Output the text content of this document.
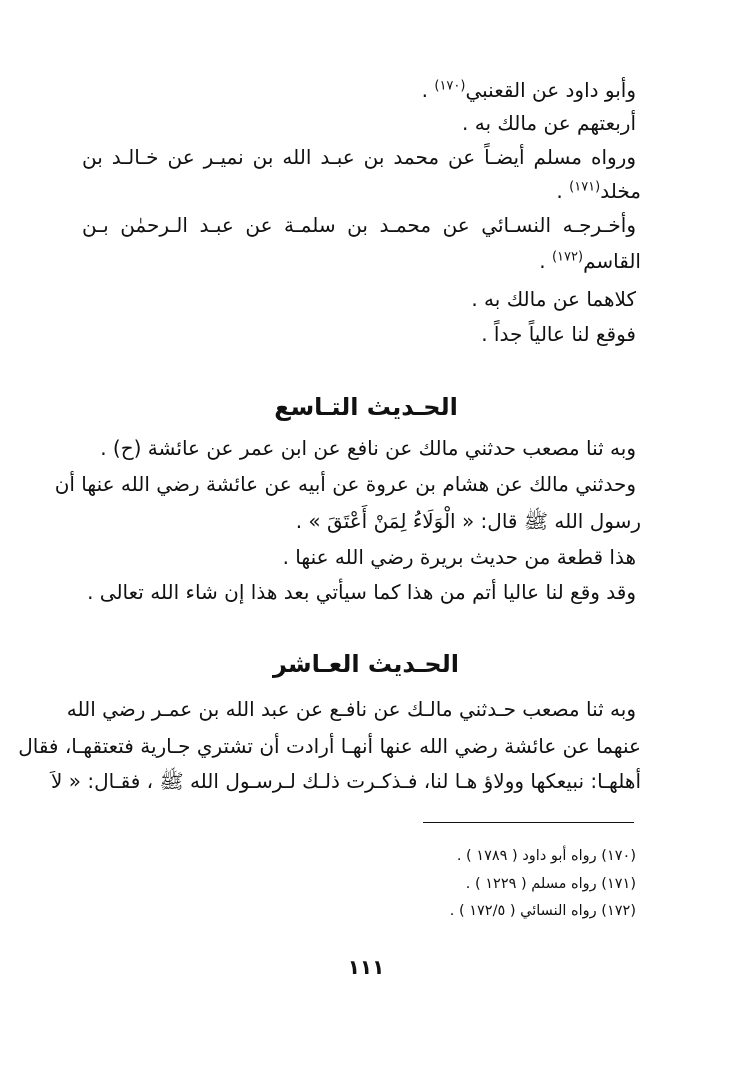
وأبو داود عن القعنبي$^{(١٧٠)}$ .
أربعتهم عن مالك به .
ورواه مسلم أيضـاً عن محمد بن عبـد الله بن نميـر عن خـالـد بن
مخلد$^{(١٧١)}$ .
وأخـرجـه النسـائي عن محمـد بن سلمـة عن عبـد الـرحمٰن بـن
القاسم$^{(١٧٢)}$ .
كلاهما عن مالك به .
فوقع لنا عالياً جداً .
الحـديث التـاسع
وبه ثنا مصعب حدثني مالك عن نافع عن ابن عمر عن عائشة (ح) .
وحدثني مالك عن هشام بن عروة عن أبيه عن عائشة رضي الله عنها أن
رسول الله ﷺ قال: « الْوَلَاءُ لِمَنْ أَعْتَقَ » .
هذا قطعة من حديث بريرة رضي الله عنها .
وقد وقع لنا عاليا أتم من هذا كما سيأتي بعد هذا إن شاء الله تعالى .
الحـديث العـاشر
وبه ثنا مصعب حـدثني مالـك عن نافـع عن عبد الله بن عمـر رضي الله
عنهما عن عائشة رضي الله عنها أنهـا أرادت أن تشتري جـارية فتعتقهـا، فقال
أهلهـا: نبيعكها وولاؤ هـا لنا، فـذكـرت ذلـك لـرسـول الله ﷺ ، فقـال: « لاَ
(١٧٠) رواه أبو داود ( ١٧٨٩ ) .
(١٧١) رواه مسلم ( ١٢٢٩ ) .
(١٧٢) رواه النسائي ( ١٧٢/٥ ) .
١١١
